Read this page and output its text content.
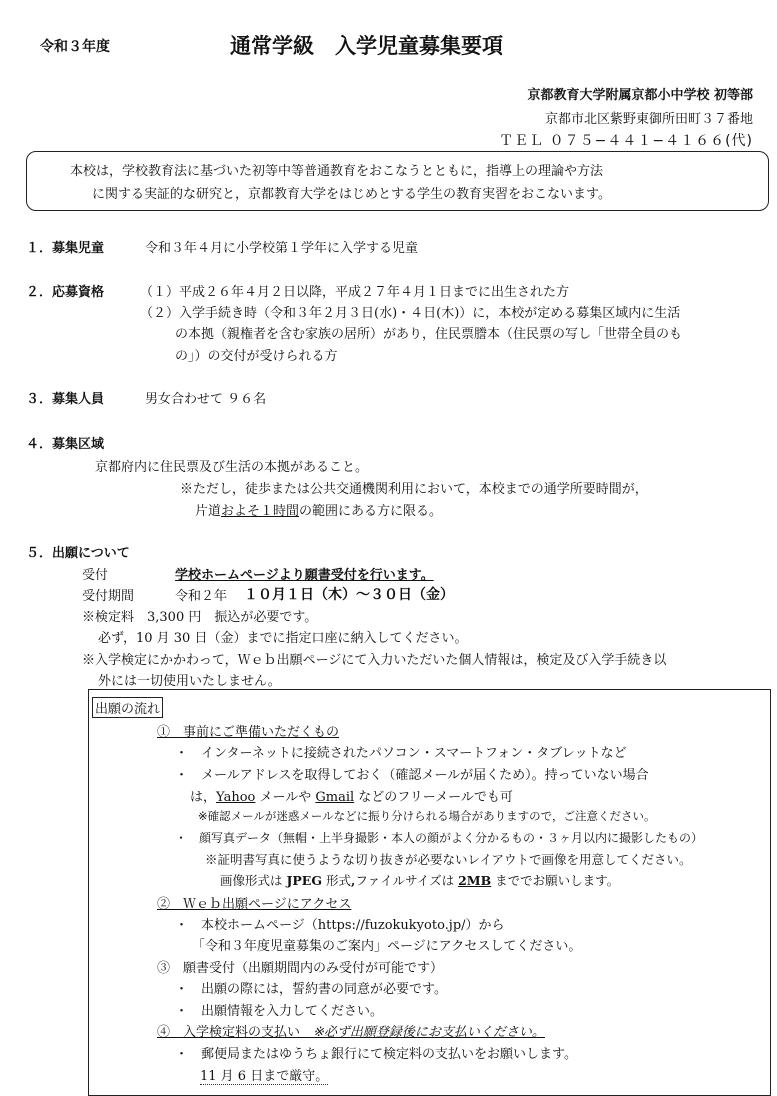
令和３年度	通常学級　入学児童募集要項
京都教育大学附属京都小中学校 初等部
京都市北区紫野東御所田町３７番地
ＴＥＬ ０７５−４４１−４１６６(代)
本校は，学校教育法に基づいた初等中等普通教育をおこなうとともに，指導上の理論や方法
に関する実証的な研究と，京都教育大学をはじめとする学生の教育実習をおこないます。
１．募集児童	令和３年４月に小学校第１学年に入学する児童
２．応募資格	（１）平成２６年４月２日以降，平成２７年４月１日までに出生された方
（２）入学手続き時（令和３年２月３日(水)・４日(木)）に，本校が定める募集区域内に生活
の本拠（親権者を含む家族の居所）があり，住民票謄本（住民票の写し「世帯全員のも
の」）の交付が受けられる方
３．募集人員	男女合わせて ９６名
４．募集区域
京都府内に住民票及び生活の本拠があること。
※ただし，徒歩または公共交通機関利用において，本校までの通学所要時間が，
片道およそ１時間の範囲にある方に限る。
５．出願について
受付	学校ホームページより願書受付を行います。
受付期間	令和２年 １０月１日（木）〜３０日（金）
※検定料　3,300 円　振込が必要です。
必ず，10 月 30 日（金）までに指定口座に納入してください。
※入学検定にかかわって，Ｗｅｂ出願ページにて入力いただいた個人情報は，検定及び入学手続き以
外には一切使用いたしません。
出願の流れ
①　事前にご準備いただくもの
・　インターネットに接続されたパソコン・スマートフォン・タブレットなど
・　メールアドレスを取得しておく（確認メールが届くため）。持っていない場合
は，Yahoo メールや Gmail などのフリーメールでも可
※確認メールが迷惑メールなどに振り分けられる場合がありますので，ご注意ください。
・　顔写真データ（無帽・上半身撮影・本人の顔がよく分かるもの・３ヶ月以内に撮影したもの）
※証明書写真に使うような切り抜きが必要ないレイアウトで画像を用意してください。
画像形式は JPEG 形式,ファイルサイズは 2MB まででお願いします。
②　Ｗｅｂ出願ページにアクセス
・　本校ホームページ（https://fuzokukyoto.jp/）から
「令和３年度児童募集のご案内」ページにアクセスしてください。
③　願書受付（出願期間内のみ受付が可能です）
・　出願の際には，誓約書の同意が必要です。
・　出願情報を入力してください。
④　入学検定料の支払い　 ※必ず出願登録後にお支払いください。
・　郵便局またはゆうちょ銀行にて検定料の支払いをお願いします。
11 月 6 日まで厳守。
